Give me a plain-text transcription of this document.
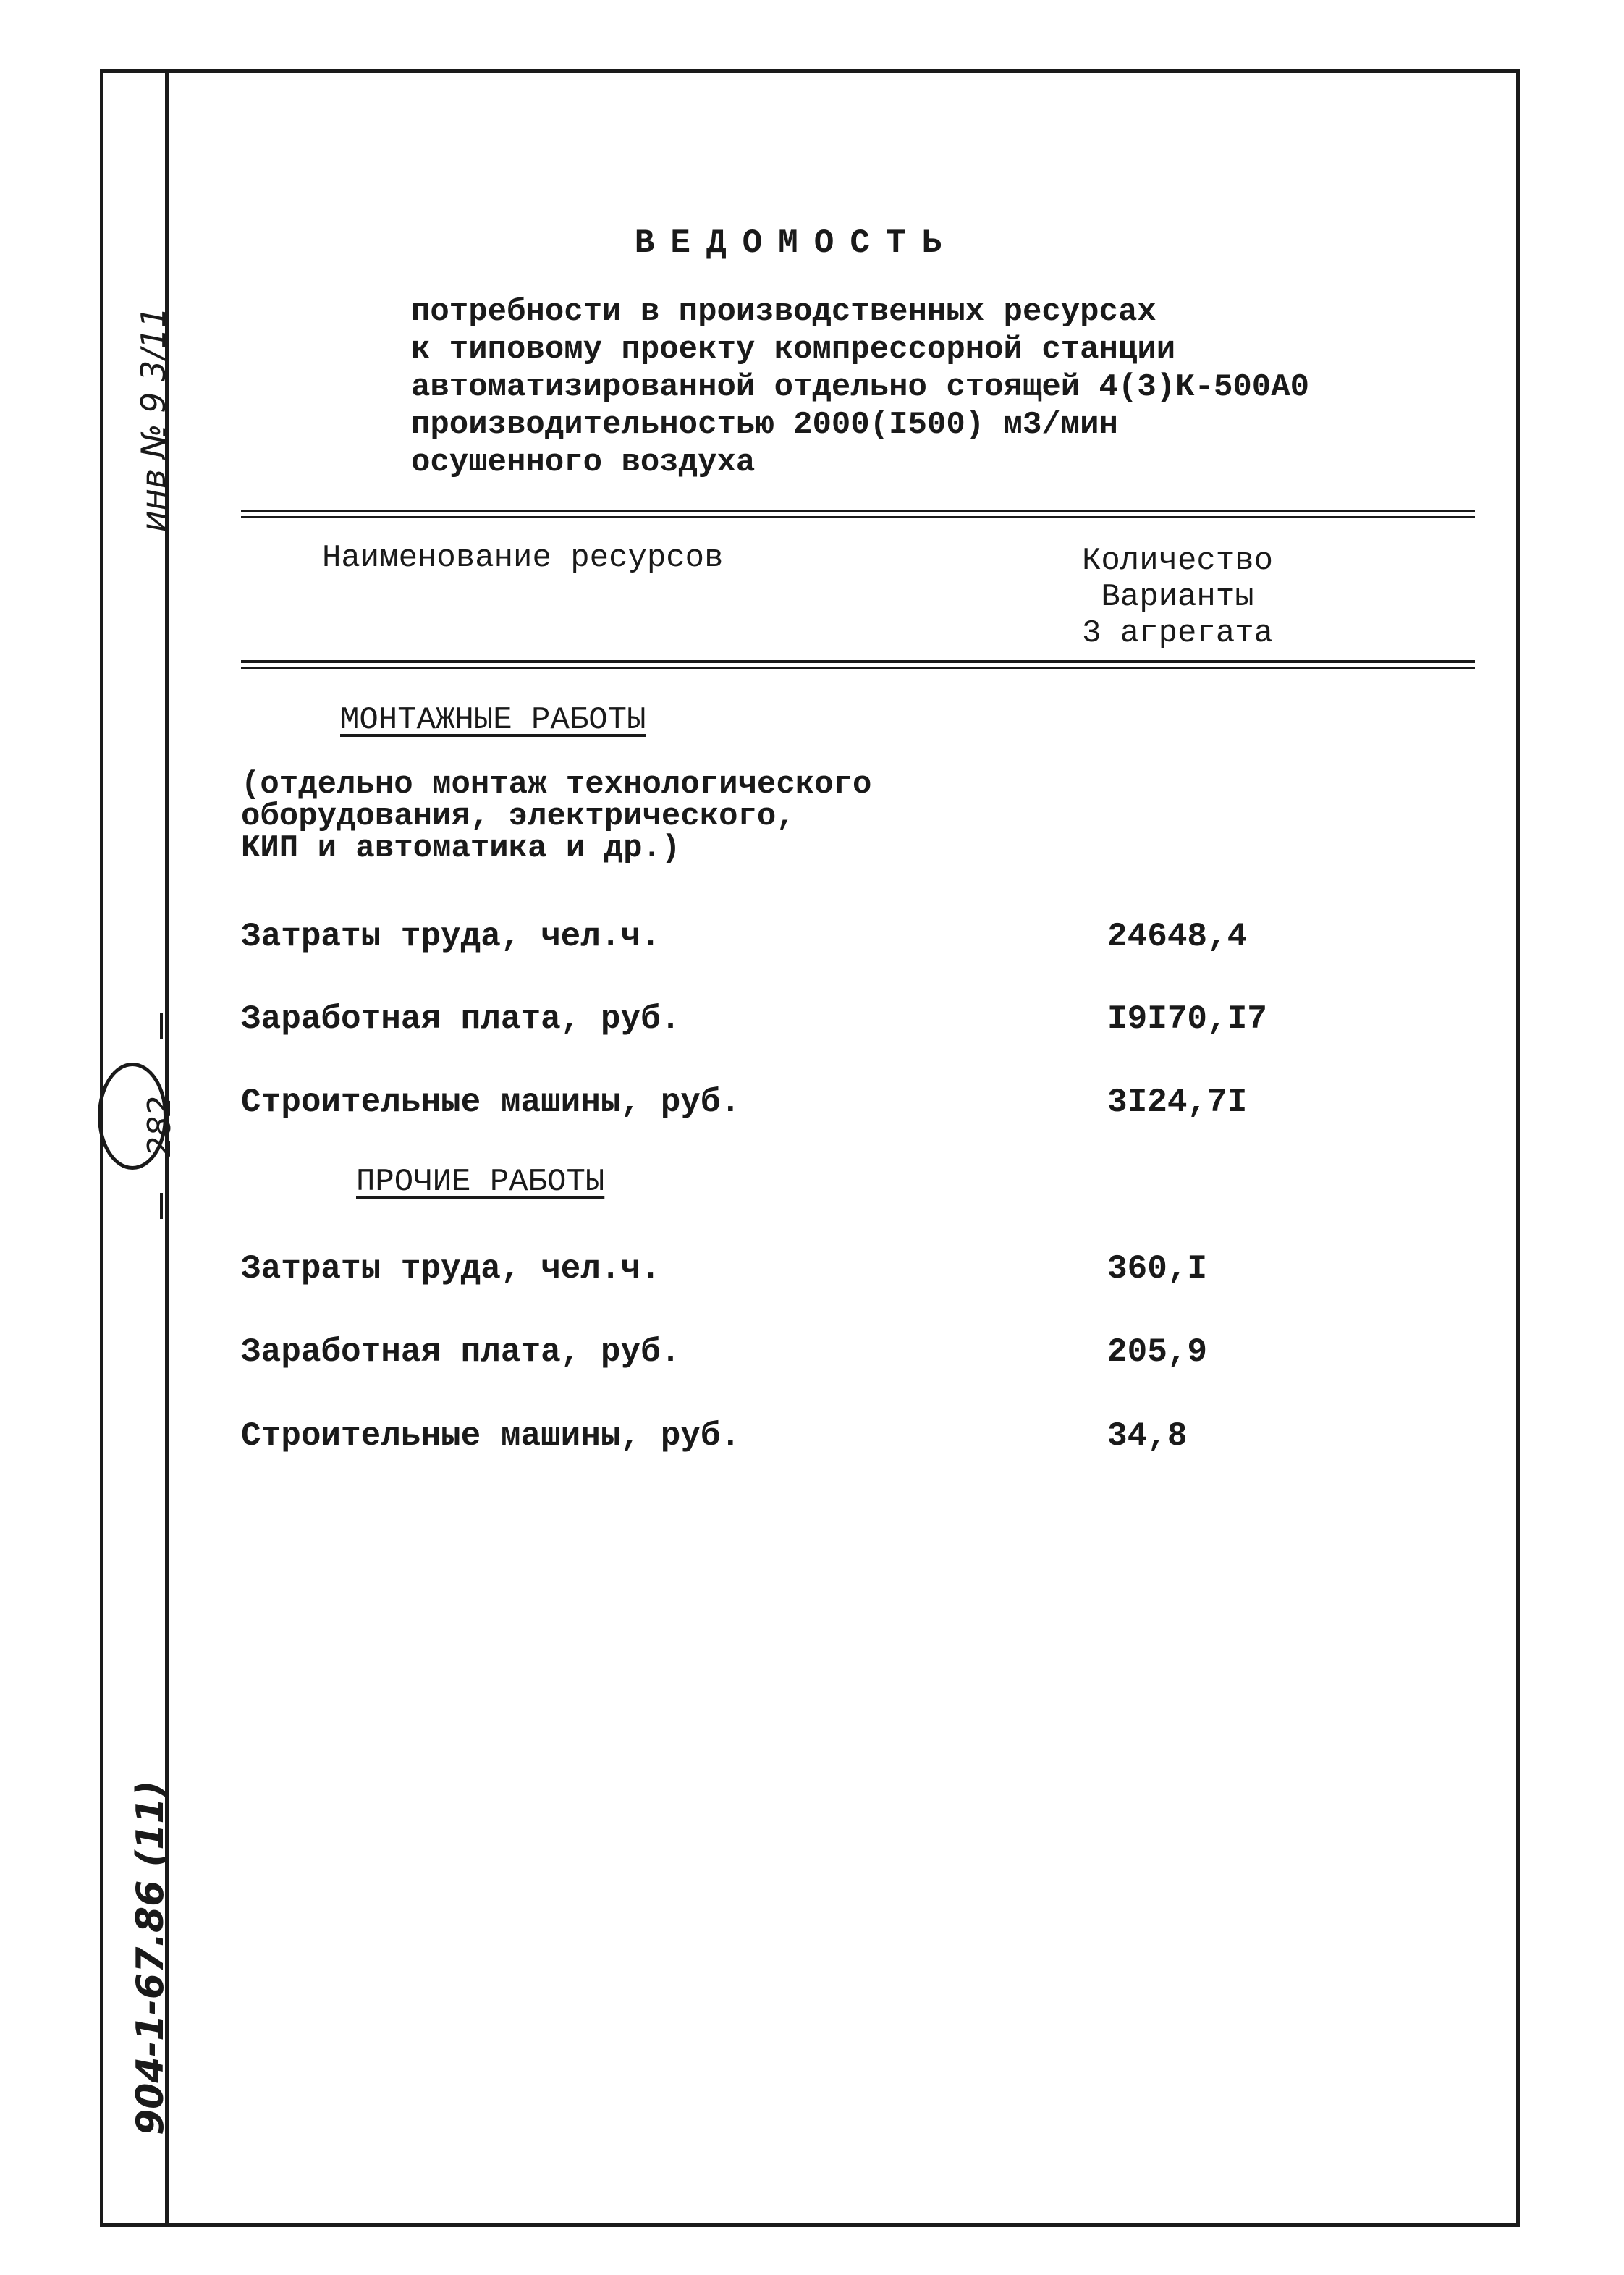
инв № 9 3/11
282
904-1-67.86 (11)
ВЕДОМОСТЬ
потребности в производственных ресурсах
к типовому проекту компрессорной станции
автоматизированной отдельно стоящей 4(3)К-500А0
производительностью 2000(I500) м3/мин
осушенного воздуха
Наименование ресурсов	Количество
Варианты
3 агрегата
МОНТАЖНЫЕ РАБОТЫ
(отдельно монтаж технологического
оборудования, электрического,
КИП и автоматика и др.)
Затраты труда, чел.ч.	24648,4
Заработная плата, руб.	I9I70,I7
Строительные машины, руб.	3I24,7I
ПРОЧИЕ РАБОТЫ
Затраты труда, чел.ч.	360,I
Заработная плата, руб.	205,9
Строительные машины, руб.	34,8
